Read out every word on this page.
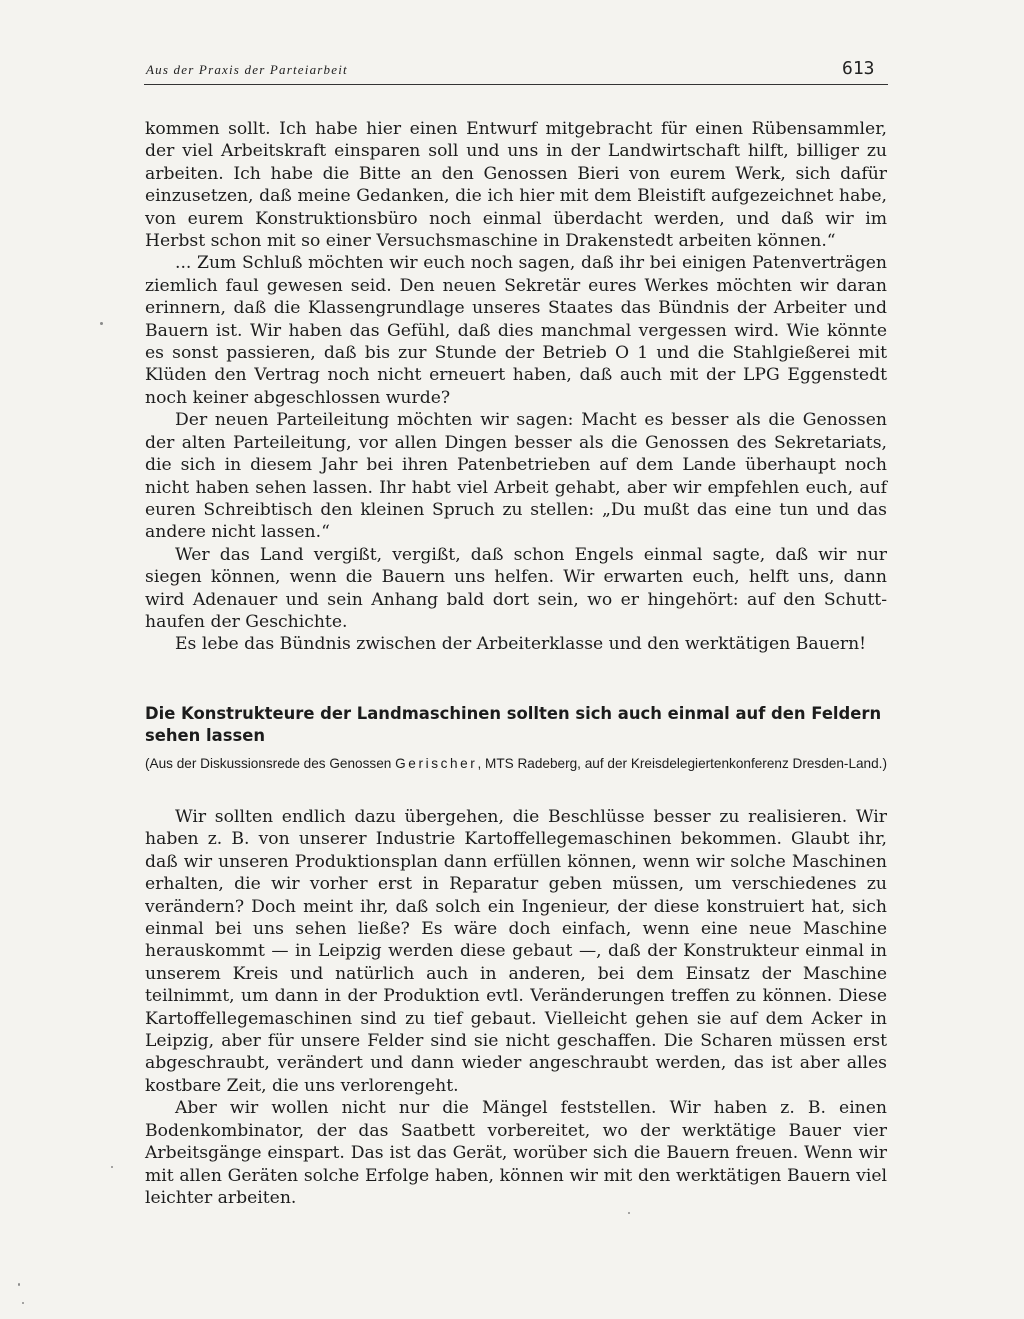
Aus der Praxis der Parteiarbeit	613

kommen sollt. Ich habe hier einen Entwurf mitgebracht für einen Rübensammler, der viel Arbeitskraft einsparen soll und uns in der Landwirtschaft hilft, billiger zu arbeiten. Ich habe die Bitte an den Genossen Bieri von eurem Werk, sich dafür einzusetzen, daß meine Gedanken, die ich hier mit dem Bleistift aufgezeichnet habe, von eurem Konstruktionsbüro noch einmal überdacht werden, und daß wir im Herbst schon mit so einer Versuchsmaschine in Drakenstedt arbeiten können.“

... Zum Schluß möchten wir euch noch sagen, daß ihr bei einigen Patenverträgen ziemlich faul gewesen seid. Den neuen Sekretär eures Werkes möchten wir daran erinnern, daß die Klassengrundlage unseres Staates das Bündnis der Arbeiter und Bauern ist. Wir haben das Gefühl, daß dies manchmal vergessen wird. Wie könnte es sonst passieren, daß bis zur Stunde der Betrieb O 1 und die Stahlgießerei mit Klüden den Vertrag noch nicht erneuert haben, daß auch mit der LPG Eggenstedt noch keiner abgeschlossen wurde?

Der neuen Parteileitung möchten wir sagen: Macht es besser als die Genossen der alten Parteileitung, vor allen Dingen besser als die Genossen des Sekretariats, die sich in diesem Jahr bei ihren Patenbetrieben auf dem Lande überhaupt noch nicht haben sehen lassen. Ihr habt viel Arbeit gehabt, aber wir empfehlen euch, auf euren Schreibtisch den kleinen Spruch zu stellen: „Du mußt das eine tun und das andere nicht lassen.“

Wer das Land vergißt, vergißt, daß schon Engels einmal sagte, daß wir nur siegen können, wenn die Bauern uns helfen. Wir erwarten euch, helft uns, dann wird Adenauer und sein Anhang bald dort sein, wo er hingehört: auf den Schutthaufen der Geschichte.

Es lebe das Bündnis zwischen der Arbeiterklasse und den werktätigen Bauern!

Die Konstrukteure der Landmaschinen sollten sich auch einmal auf den Feldern sehen lassen
(Aus der Diskussionsrede des Genossen Gerischer, MTS Radeberg, auf der Kreisdelegiertenkonferenz Dresden-Land.)

Wir sollten endlich dazu übergehen, die Beschlüsse besser zu realisieren. Wir haben z. B. von unserer Industrie Kartoffellegemaschinen bekommen. Glaubt ihr, daß wir unseren Produktionsplan dann erfüllen können, wenn wir solche Maschinen erhalten, die wir vorher erst in Reparatur geben müssen, um verschiedenes zu verändern? Doch meint ihr, daß solch ein Ingenieur, der diese konstruiert hat, sich einmal bei uns sehen ließe? Es wäre doch einfach, wenn eine neue Maschine herauskommt — in Leipzig werden diese gebaut —, daß der Konstrukteur einmal in unserem Kreis und natürlich auch in anderen, bei dem Einsatz der Maschine teilnimmt, um dann in der Produktion evtl. Veränderungen treffen zu können. Diese Kartoffellegemaschinen sind zu tief gebaut. Vielleicht gehen sie auf dem Acker in Leipzig, aber für unsere Felder sind sie nicht geschaffen. Die Scharen müssen erst abgeschraubt, verändert und dann wieder angeschraubt werden, das ist aber alles kostbare Zeit, die uns verlorengeht.

Aber wir wollen nicht nur die Mängel feststellen. Wir haben z. B. einen Bodenkombinator, der das Saatbett vorbereitet, wo der werktätige Bauer vier Arbeitsgänge einspart. Das ist das Gerät, worüber sich die Bauern freuen. Wenn wir mit allen Geräten solche Erfolge haben, können wir mit den werktätigen Bauern viel leichter arbeiten.
